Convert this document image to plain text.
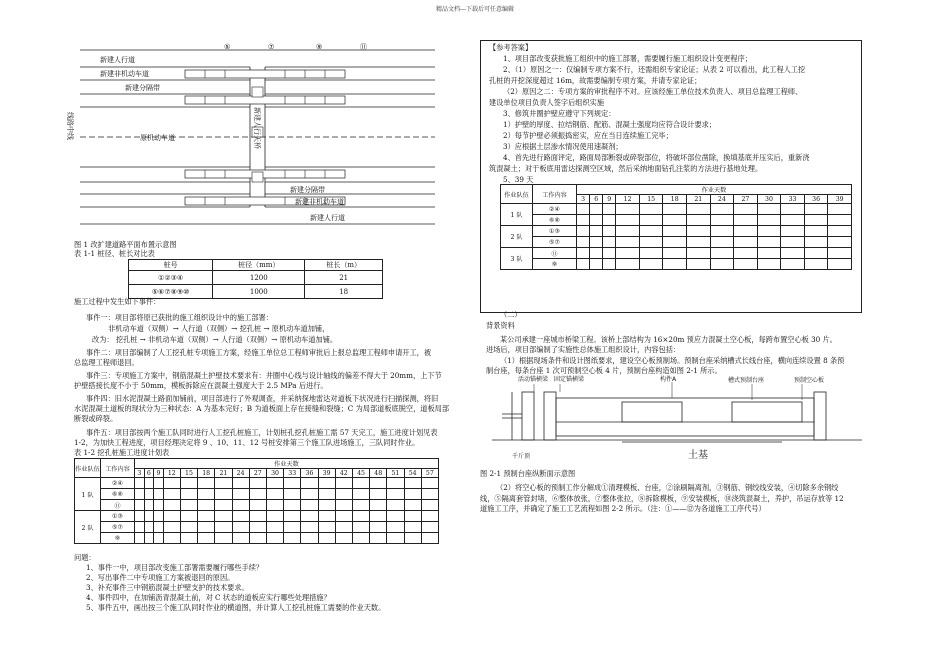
精品文档---下载后可任意编辑
⑤	⑦	⑨	⑪
新建人行道
新建非机动车道
新建分隔带
原机动车道
新建分隔带
新建非机动车道
新建人行道
新建人行天桥
线路中线
图 1 改扩建道路平面布置示意图
表 1-1 桩径、桩长对比表
桩号	桩径（mm）	桩长（m）
①②③④	1200	21
⑤⑥⑦⑧⑨⑩	1000	18
施工过程中发生如下事件：
事件一：项目部将原已获批的施工组织设计中的施工部署：
非机动车道（双侧）→ 人行道（双侧）→ 挖孔桩 → 原机动车道加铺，
改为： 挖孔桩 → 非机动车道（双侧）→ 人行道（双侧）→ 原机动车道加铺。
事件二：项目部编制了人工挖孔桩专项施工方案，经施工单位总工程师审批后上报总监理工程师申请开工，被
总监理工程师退回。
事件三：专项施工方案中，钢筋混凝土护壁技术要求有：井圈中心线与设计轴线的偏差不得大于 20mm，上下节
护壁搭接长度不小于 50mm，模板拆除应在混凝土强度大于 2.5 MPa 后进行。
事件四：旧水泥混凝土路面加铺前，项目部进行了外观调查，并采纳探地雷达对道板下状况进行扫描探测，将旧
水泥混凝土道板的现状分为三种状态：A 为基本完好；B 为道板面上存在接缝和裂缝；C 为局部道板底脱空，道板局部
断裂或碎裂。
事件五：项目部按两个施工队同时进行人工挖孔桩施工，计划桩孔挖孔桩施工需 57 天完工，施工进度计划见表
1-2，为加快工程进度，项目经理决定将 9 、10、11、12 号桩安排第三个施工队进场施工，三队同时作业。
表 1-2 挖孔桩施工进度计划表
作业队伍	工作内容	作业天数																		
		3	6	9	12	15	18	21	24	27	30	33	36	39	42	45	48	51	54	57
1 队	②④																			
	⑥⑧																			
	⑪																			
2 队	①③																			
	⑤⑦																			
	⑨																			
问题：
1、事件一中，项目部改变施工部署需要履行哪些手续？
2、写出事件二中专项施工方案被退回的原因。
3、补充事件三中钢筋混凝土护壁支护的技术要求。
4、事件四中，在加铺沥青混凝土前，对 C 状态的道板应实行哪些处理措施？
5、事件五中，画出按三个施工队同时作业的横道图，并计算人工挖孔桩施工需要的作业天数。
【参考答案】
1、项目部改变获批施工组织中的施工部署，需要履行施工组织设计变更程序；
2、（1）原因之一：仅编制专项方案不行，还需组织专家论证；从表 2 可以看出，此工程人工挖
孔桩的开挖深度超过 16m，故需要编制专项方案，并请专家论证；
（2）原因之二：专项方案的审批程序不对。应该经施工单位技术负责人、项目总监理工程师、
建设单位项目负责人签字后组织实施
3、修筑井圈护壁应遵守下列规定：
1）护壁的厚度、拉结钢筋、配筋、混凝土强度均应符合设计要求；
2）每节护壁必须振捣密实，应在当日连续施工完毕；
3）应根据土层渗水情况使用速凝剂；
4、首先进行路面评定，路面局部断裂或碎裂部位，将破坏部位凿除，换填基底并压实后，重新浇
筑混凝土；对于板底用雷达探测空区域，然后采纳地面钻孔注浆的方法进行基地处理。
5、39 天
作业队伍	工作内容	作业天数												
		3	6	9	12	15	18	21	24	27	30	33	36	39
1 队	②④													
	⑥⑧													
2 队	①③													
	⑤⑦													
3 队	⑪													
	⑨													
（二）
背景资料
某公司承建一座城市桥梁工程。该桥上部结构为 16×20m 预应力混凝土空心板，每跨布置空心板 30 片。
进场后，项目部编制了实施性总体施工组织设计，内容包括：
（1）根据现场条件和设计图纸要求，建设空心板预制场。预制台座采纳槽式长线台座，横向连续设置 8 条预
制台座，每条台座 1 次可预制空心板 4 片，预制台座构造如图 2-1 所示。
活动锚横梁 固定锚横梁	构件A	槽式预制台座	预制空心板
千斤顶	土基
图 2-1 预制台座纵断面示意图
（2）将空心板的预制工作分解成①清理模板、台座，②涂刷隔离剂，③钢筋、钢绞线安装，④切除多余钢绞
线，⑤隔离套管封堵，⑥整体放张，⑦整体张拉，⑧拆除模板，⑨安装模板，⑩浇筑混凝土，养护，吊运存放等 12
道施工工序，并确定了施工工艺流程如图 2-2 所示。（注：①——⑫为各道施工工序代号）
